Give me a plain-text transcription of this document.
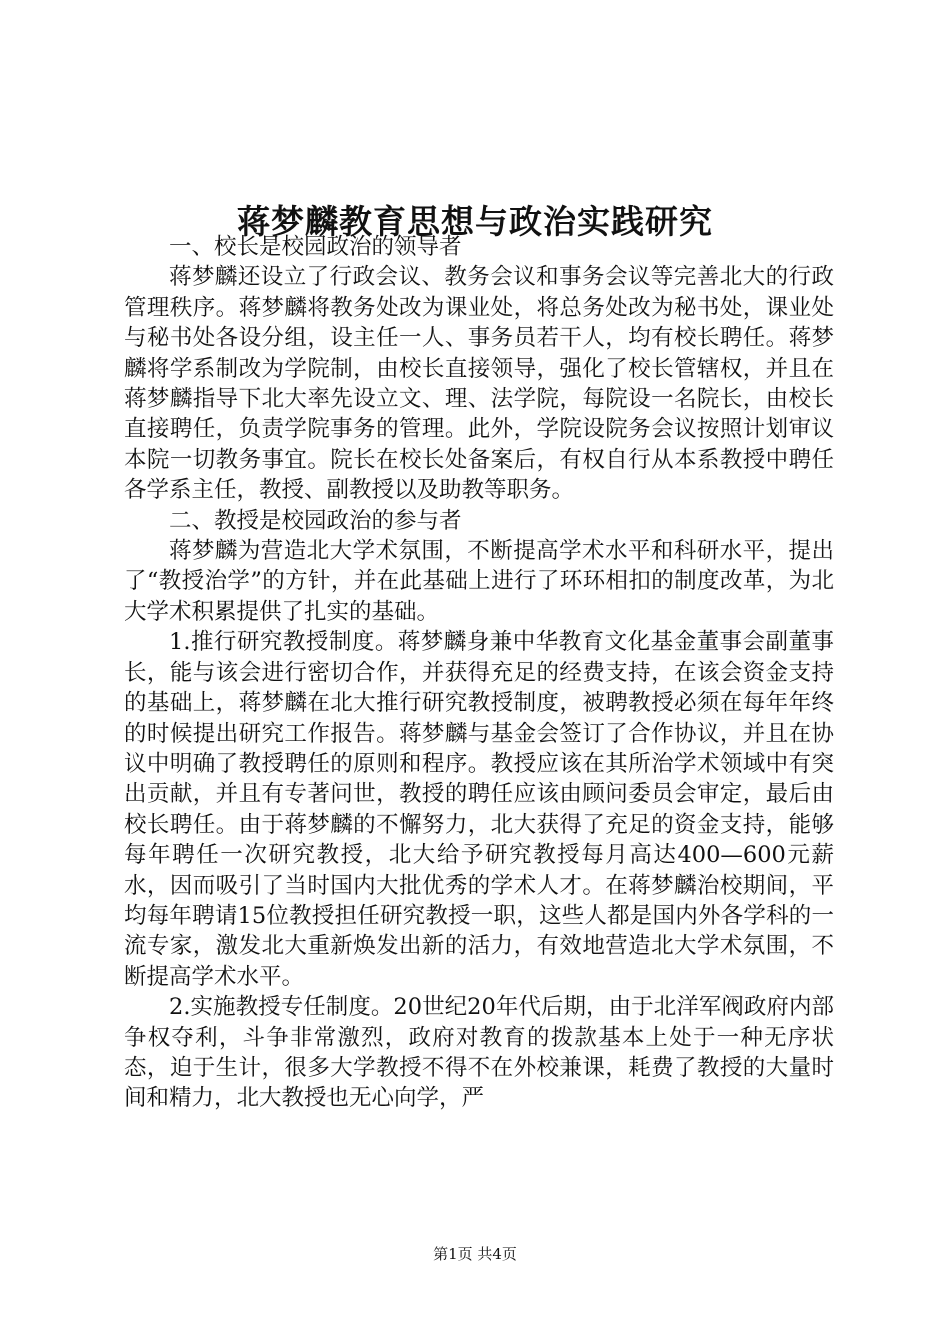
蒋梦麟教育思想与政治实践研究

一、校长是校园政治的领导者

蒋梦麟还设立了行政会议、教务会议和事务会议等完善北大的行政管理秩序。蒋梦麟将教务处改为课业处，将总务处改为秘书处，课业处与秘书处各设分组，设主任一人、事务员若干人，均有校长聘任。蒋梦麟将学系制改为学院制，由校长直接领导，强化了校长管辖权，并且在蒋梦麟指导下北大率先设立文、理、法学院，每院设一名院长，由校长直接聘任，负责学院事务的管理。此外，学院设院务会议按照计划审议本院一切教务事宜。院长在校长处备案后，有权自行从本系教授中聘任各学系主任，教授、副教授以及助教等职务。

二、教授是校园政治的参与者

蒋梦麟为营造北大学术氛围，不断提高学术水平和科研水平，提出了“教授治学”的方针，并在此基础上进行了环环相扣的制度改革，为北大学术积累提供了扎实的基础。

1.推行研究教授制度。蒋梦麟身兼中华教育文化基金董事会副董事长，能与该会进行密切合作，并获得充足的经费支持，在该会资金支持的基础上，蒋梦麟在北大推行研究教授制度，被聘教授必须在每年年终的时候提出研究工作报告。蒋梦麟与基金会签订了合作协议，并且在协议中明确了教授聘任的原则和程序。教授应该在其所治学术领域中有突出贡献，并且有专著问世，教授的聘任应该由顾问委员会审定，最后由校长聘任。由于蒋梦麟的不懈努力，北大获得了充足的资金支持，能够每年聘任一次研究教授，北大给予研究教授每月高达400—600元薪水，因而吸引了当时国内大批优秀的学术人才。在蒋梦麟治校期间，平均每年聘请15位教授担任研究教授一职，这些人都是国内外各学科的一流专家，激发北大重新焕发出新的活力，有效地营造北大学术氛围，不断提高学术水平。

2.实施教授专任制度。20世纪20年代后期，由于北洋军阀政府内部争权夺利，斗争非常激烈，政府对教育的拨款基本上处于一种无序状态，迫于生计，很多大学教授不得不在外校兼课，耗费了教授的大量时间和精力，北大教授也无心向学，严

第1页 共4页
